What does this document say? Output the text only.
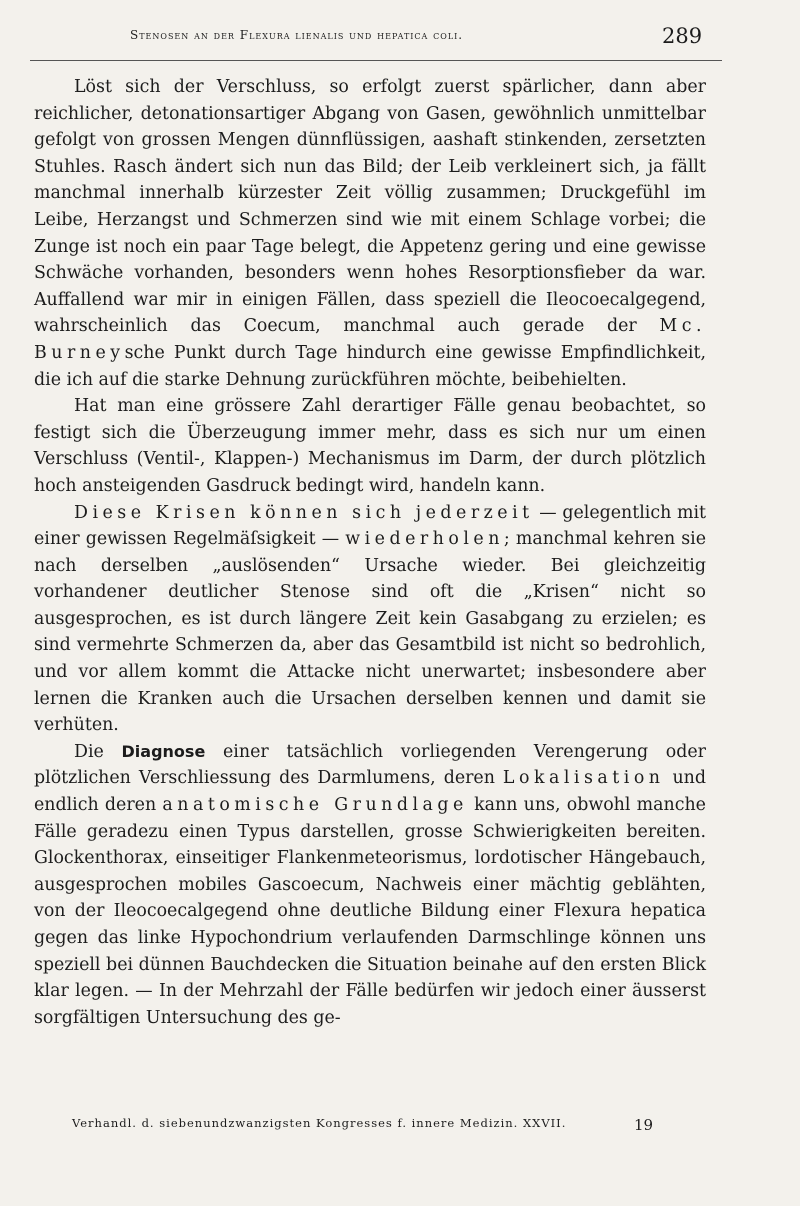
Stenosen an der Flexura lienalis und hepatica coli.	289

Löst sich der Verschluss, so erfolgt zuerst spärlicher, dann aber reichlicher, detonationsartiger Abgang von Gasen, gewöhnlich unmittelbar gefolgt von grossen Mengen dünnflüssigen, aashaft stinkenden, zersetzten Stuhles. Rasch ändert sich nun das Bild; der Leib verkleinert sich, ja fällt manchmal innerhalb kürzester Zeit völlig zusammen; Druckgefühl im Leibe, Herzangst und Schmerzen sind wie mit einem Schlage vorbei; die Zunge ist noch ein paar Tage belegt, die Appetenz gering und eine gewisse Schwäche vorhanden, besonders wenn hohes Resorptionsfieber da war. Auffallend war mir in einigen Fällen, dass speziell die Ileocoecalgegend, wahrscheinlich das Coecum, manchmal auch gerade der Mc. Burneysche Punkt durch Tage hindurch eine gewisse Empfindlichkeit, die ich auf die starke Dehnung zurückführen möchte, beibehielten.

Hat man eine grössere Zahl derartiger Fälle genau beobachtet, so festigt sich die Überzeugung immer mehr, dass es sich nur um einen Verschluss (Ventil-, Klappen-) Mechanismus im Darm, der durch plötzlich hoch ansteigenden Gasdruck bedingt wird, handeln kann.

Diese Krisen können sich jederzeit — gelegentlich mit einer gewissen Regelmäſsigkeit — wiederholen; manchmal kehren sie nach derselben „auslösenden“ Ursache wieder. Bei gleichzeitig vorhandener deutlicher Stenose sind oft die „Krisen“ nicht so ausgesprochen, es ist durch längere Zeit kein Gasabgang zu erzielen; es sind vermehrte Schmerzen da, aber das Gesamtbild ist nicht so bedrohlich, und vor allem kommt die Attacke nicht unerwartet; insbesondere aber lernen die Kranken auch die Ursachen derselben kennen und damit sie verhüten.

Die Diagnose einer tatsächlich vorliegenden Verengerung oder plötzlichen Verschliessung des Darmlumens, deren Lokalisation und endlich deren anatomische Grundlage kann uns, obwohl manche Fälle geradezu einen Typus darstellen, grosse Schwierigkeiten bereiten. Glockenthorax, einseitiger Flankenmeteorismus, lordotischer Hängebauch, ausgesprochen mobiles Gascoecum, Nachweis einer mächtig geblähten, von der Ileocoecalgegend ohne deutliche Bildung einer Flexura hepatica gegen das linke Hypochondrium verlaufenden Darmschlinge können uns speziell bei dünnen Bauchdecken die Situation beinahe auf den ersten Blick klar legen. — In der Mehrzahl der Fälle bedürfen wir jedoch einer äusserst sorgfältigen Untersuchung des ge-

Verhandl. d. siebenundzwanzigsten Kongresses f. innere Medizin. XXVII.	19
